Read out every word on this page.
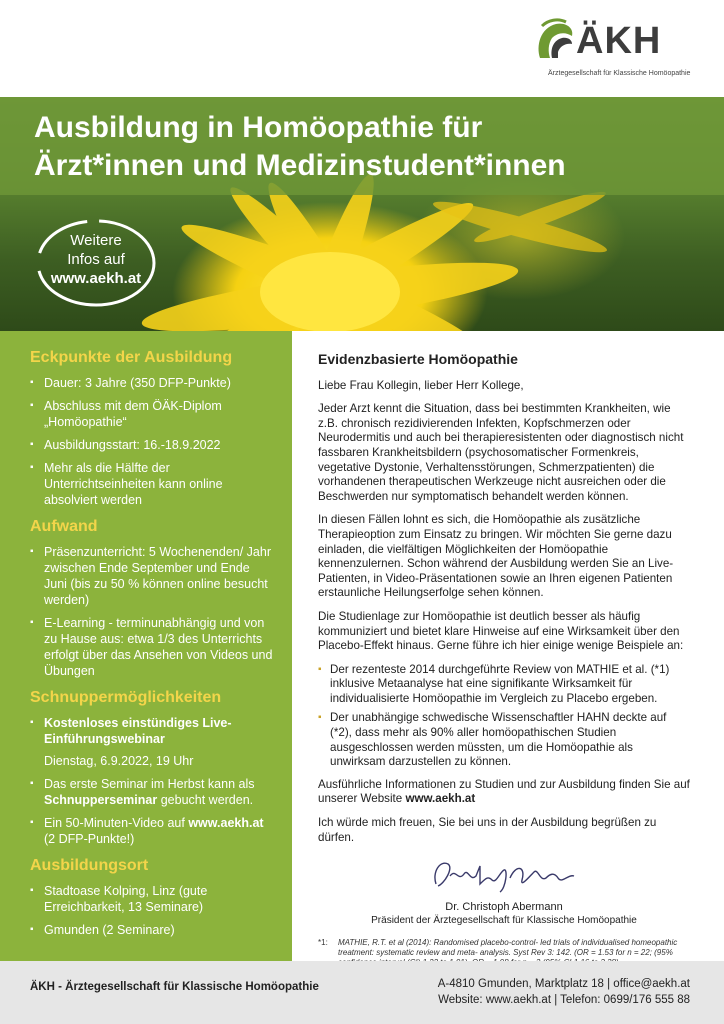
ÄKH
Ärztegesellschaft für Klassische Homöopathie
Ausbildung in Homöopathie für
Ärzt*innen und Medizinstudent*innen
Weitere
Infos auf
www.aekh.at
Eckpunkte der Ausbildung
▪ Dauer: 3 Jahre (350 DFP-Punkte)
▪ Abschluss mit dem ÖÄK-Diplom „Homöopathie“
▪ Ausbildungsstart: 16.-18.9.2022
▪ Mehr als die Hälfte der Unterrichtseinheiten kann online absolviert werden
Aufwand
▪ Präsenzunterricht: 5 Wochenenden/ Jahr zwischen Ende September und Ende Juni (bis zu 50 % können online besucht werden)
▪ E-Learning - terminunabhängig und von zu Hause aus: etwa 1/3 des Unterrichts erfolgt über das Ansehen von Videos und Übungen
Schnuppermöglichkeiten
▪ Kostenloses einstündiges Live-Einführungswebinar
Dienstag, 6.9.2022, 19 Uhr
▪ Das erste Seminar im Herbst kann als Schnupperseminar gebucht werden.
▪ Ein 50-Minuten-Video auf www.aekh.at (2 DFP-Punkte!)
Ausbildungsort
▪ Stadtoase Kolping, Linz (gute Erreichbarkeit, 13 Seminare)
▪ Gmunden (2 Seminare)
Evidenzbasierte Homöopathie

Liebe Frau Kollegin, lieber Herr Kollege,

Jeder Arzt kennt die Situation, dass bei bestimmten Krankheiten, wie z.B. chronisch rezidivierenden Infekten, Kopfschmerzen oder Neurodermitis und auch bei therapieresistenten oder diagnostisch nicht fassbaren Krankheitsbildern (psychosomatischer Formenkreis, vegetative Dystonie, Verhaltensstörungen, Schmerzpatienten) die vorhandenen therapeutischen Werkzeuge nicht ausreichen oder die Beschwerden nur symptomatisch behandelt werden können.

In diesen Fällen lohnt es sich, die Homöopathie als zusätzliche Therapieoption zum Einsatz zu bringen. Wir möchten Sie gerne dazu einladen, die vielfältigen Möglichkeiten der Homöopathie kennenzulernen. Schon während der Ausbildung werden Sie an Live-Patienten, in Video-Präsentationen sowie an Ihren eigenen Patienten erstaunliche Heilungserfolge sehen können.

Die Studienlage zur Homöopathie ist deutlich besser als häufig kommuniziert und bietet klare Hinweise auf eine Wirksamkeit über den Placebo-Effekt hinaus. Gerne führe ich hier einige wenige Beispiele an:

▪ Der rezenteste 2014 durchgeführte Review von MATHIE et al. (*1) inklusive Metaanalyse hat eine signifikante Wirksamkeit für individualisierte Homöopathie im Vergleich zu Placebo ergeben.
▪ Der unabhängige schwedische Wissenschaftler HAHN deckte auf (*2), dass mehr als 90% aller homöopathischen Studien ausgeschlossen werden müssten, um die Homöopathie als unwirksam darzustellen zu können.

Ausführliche Informationen zu Studien und zur Ausbildung finden Sie auf unserer Website www.aekh.at

Ich würde mich freuen, Sie bei uns in der Ausbildung begrüßen zu dürfen.

Dr. Christoph Abermann
Präsident der Ärztegesellschaft für Klassische Homöopathie
*1: MATHIE, R.T. et al (2014): Randomised placebo-control- led trials of individualised homeopathic treatment: systematic review and meta- analysis. Syst Rev 3: 142. (OR = 1.53 for n = 22; (95%
ÄKH - Ärztegesellschaft für Klassische Homöopathie	A-4810 Gmunden, Marktplatz 18 | office@aekh.at
Website: www.aekh.at | Telefon: 0699/176 555 88
